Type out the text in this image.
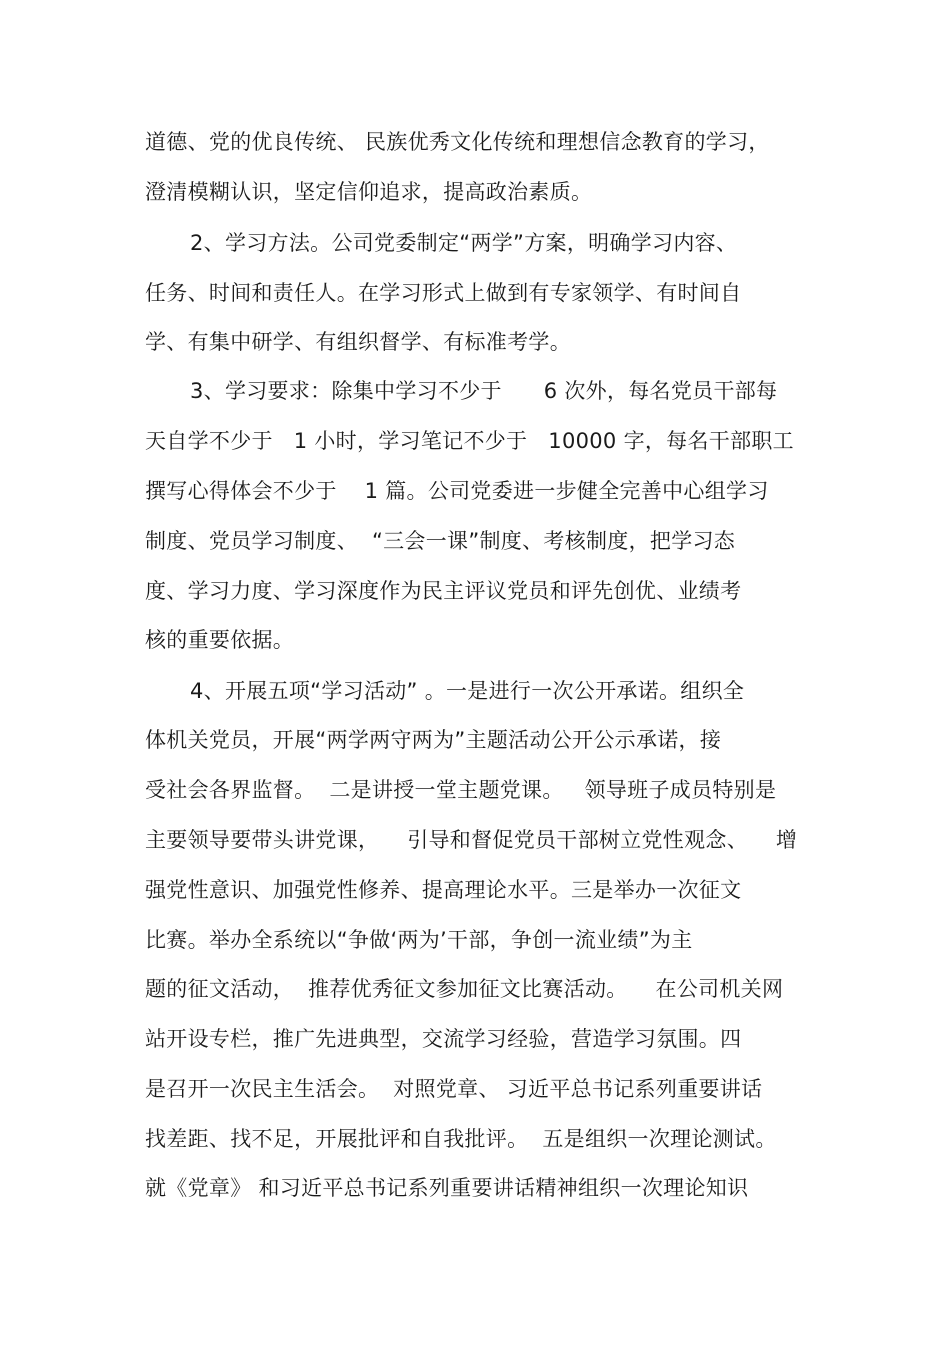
道德、党的优良传统、 民族优秀文化传统和理想信念教育的学习，

澄清模糊认识，坚定信仰追求，提高政治素质。

2、学习方法。公司党委制定“两学”方案，明确学习内容、

任务、时间和责任人。在学习形式上做到有专家领学、有时间自

学、有集中研学、有组织督学、有标准考学。

3、学习要求：除集中学习不少于      6 次外，每名党员干部每

天自学不少于   1 小时，学习笔记不少于   10000 字，每名干部职工

撰写心得体会不少于    1 篇。公司党委进一步健全完善中心组学习

制度、党员学习制度、  “三会一课”制度、考核制度，把学习态

度、学习力度、学习深度作为民主评议党员和评先创优、业绩考

核的重要依据。

4、开展五项“学习活动” 。一是进行一次公开承诺。组织全

体机关党员，开展“两学两守两为”主题活动公开公示承诺，接

受社会各界监督。  二是讲授一堂主题党课。   领导班子成员特别是

主要领导要带头讲党课，    引导和督促党员干部树立党性观念、    增

强党性意识、加强党性修养、提高理论水平。三是举办一次征文

比赛。举办全系统以“争做‘两为’干部，争创一流业绩”为主

题的征文活动，  推荐优秀征文参加征文比赛活动。    在公司机关网

站开设专栏，推广先进典型，交流学习经验，营造学习氛围。四

是召开一次民主生活会。  对照党章、 习近平总书记系列重要讲话

找差距、找不足，开展批评和自我批评。  五是组织一次理论测试。

就《党章》 和习近平总书记系列重要讲话精神组织一次理论知识
